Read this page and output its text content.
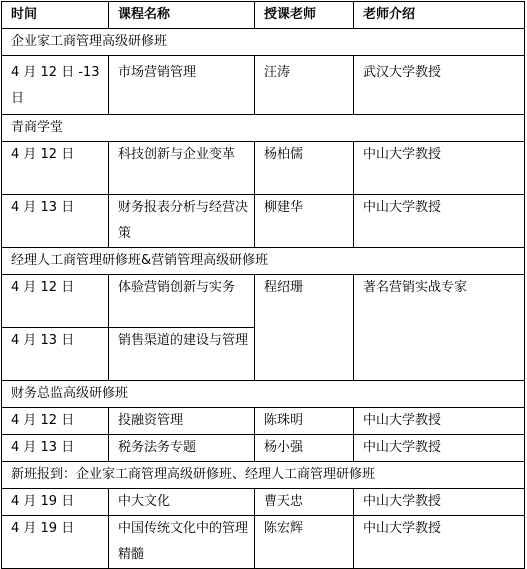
时间	课程名称	授课老师	老师介绍
企业家工商管理高级研修班			
4 月 12 日 -13 日	市场营销管理	汪涛	武汉大学教授
青商学堂			
4 月 12 日	科技创新与企业变革	杨柏儒	中山大学教授
4 月 13 日	财务报表分析与经营决策	柳建华	中山大学教授
经理人工商管理研修班&营销管理高级研修班			
4 月 12 日	体验营销创新与实务	程绍珊	著名营销实战专家
4 月 13 日	销售渠道的建设与管理		
财务总监高级研修班			
4 月 12 日	投融资管理	陈珠明	中山大学教授
4 月 13 日	税务法务专题	杨小强	中山大学教授
新班报到：企业家工商管理高级研修班、经理人工商管理研修班			
4 月 19 日	中大文化	曹天忠	中山大学教授
4 月 19 日	中国传统文化中的管理精髓	陈宏辉	中山大学教授
